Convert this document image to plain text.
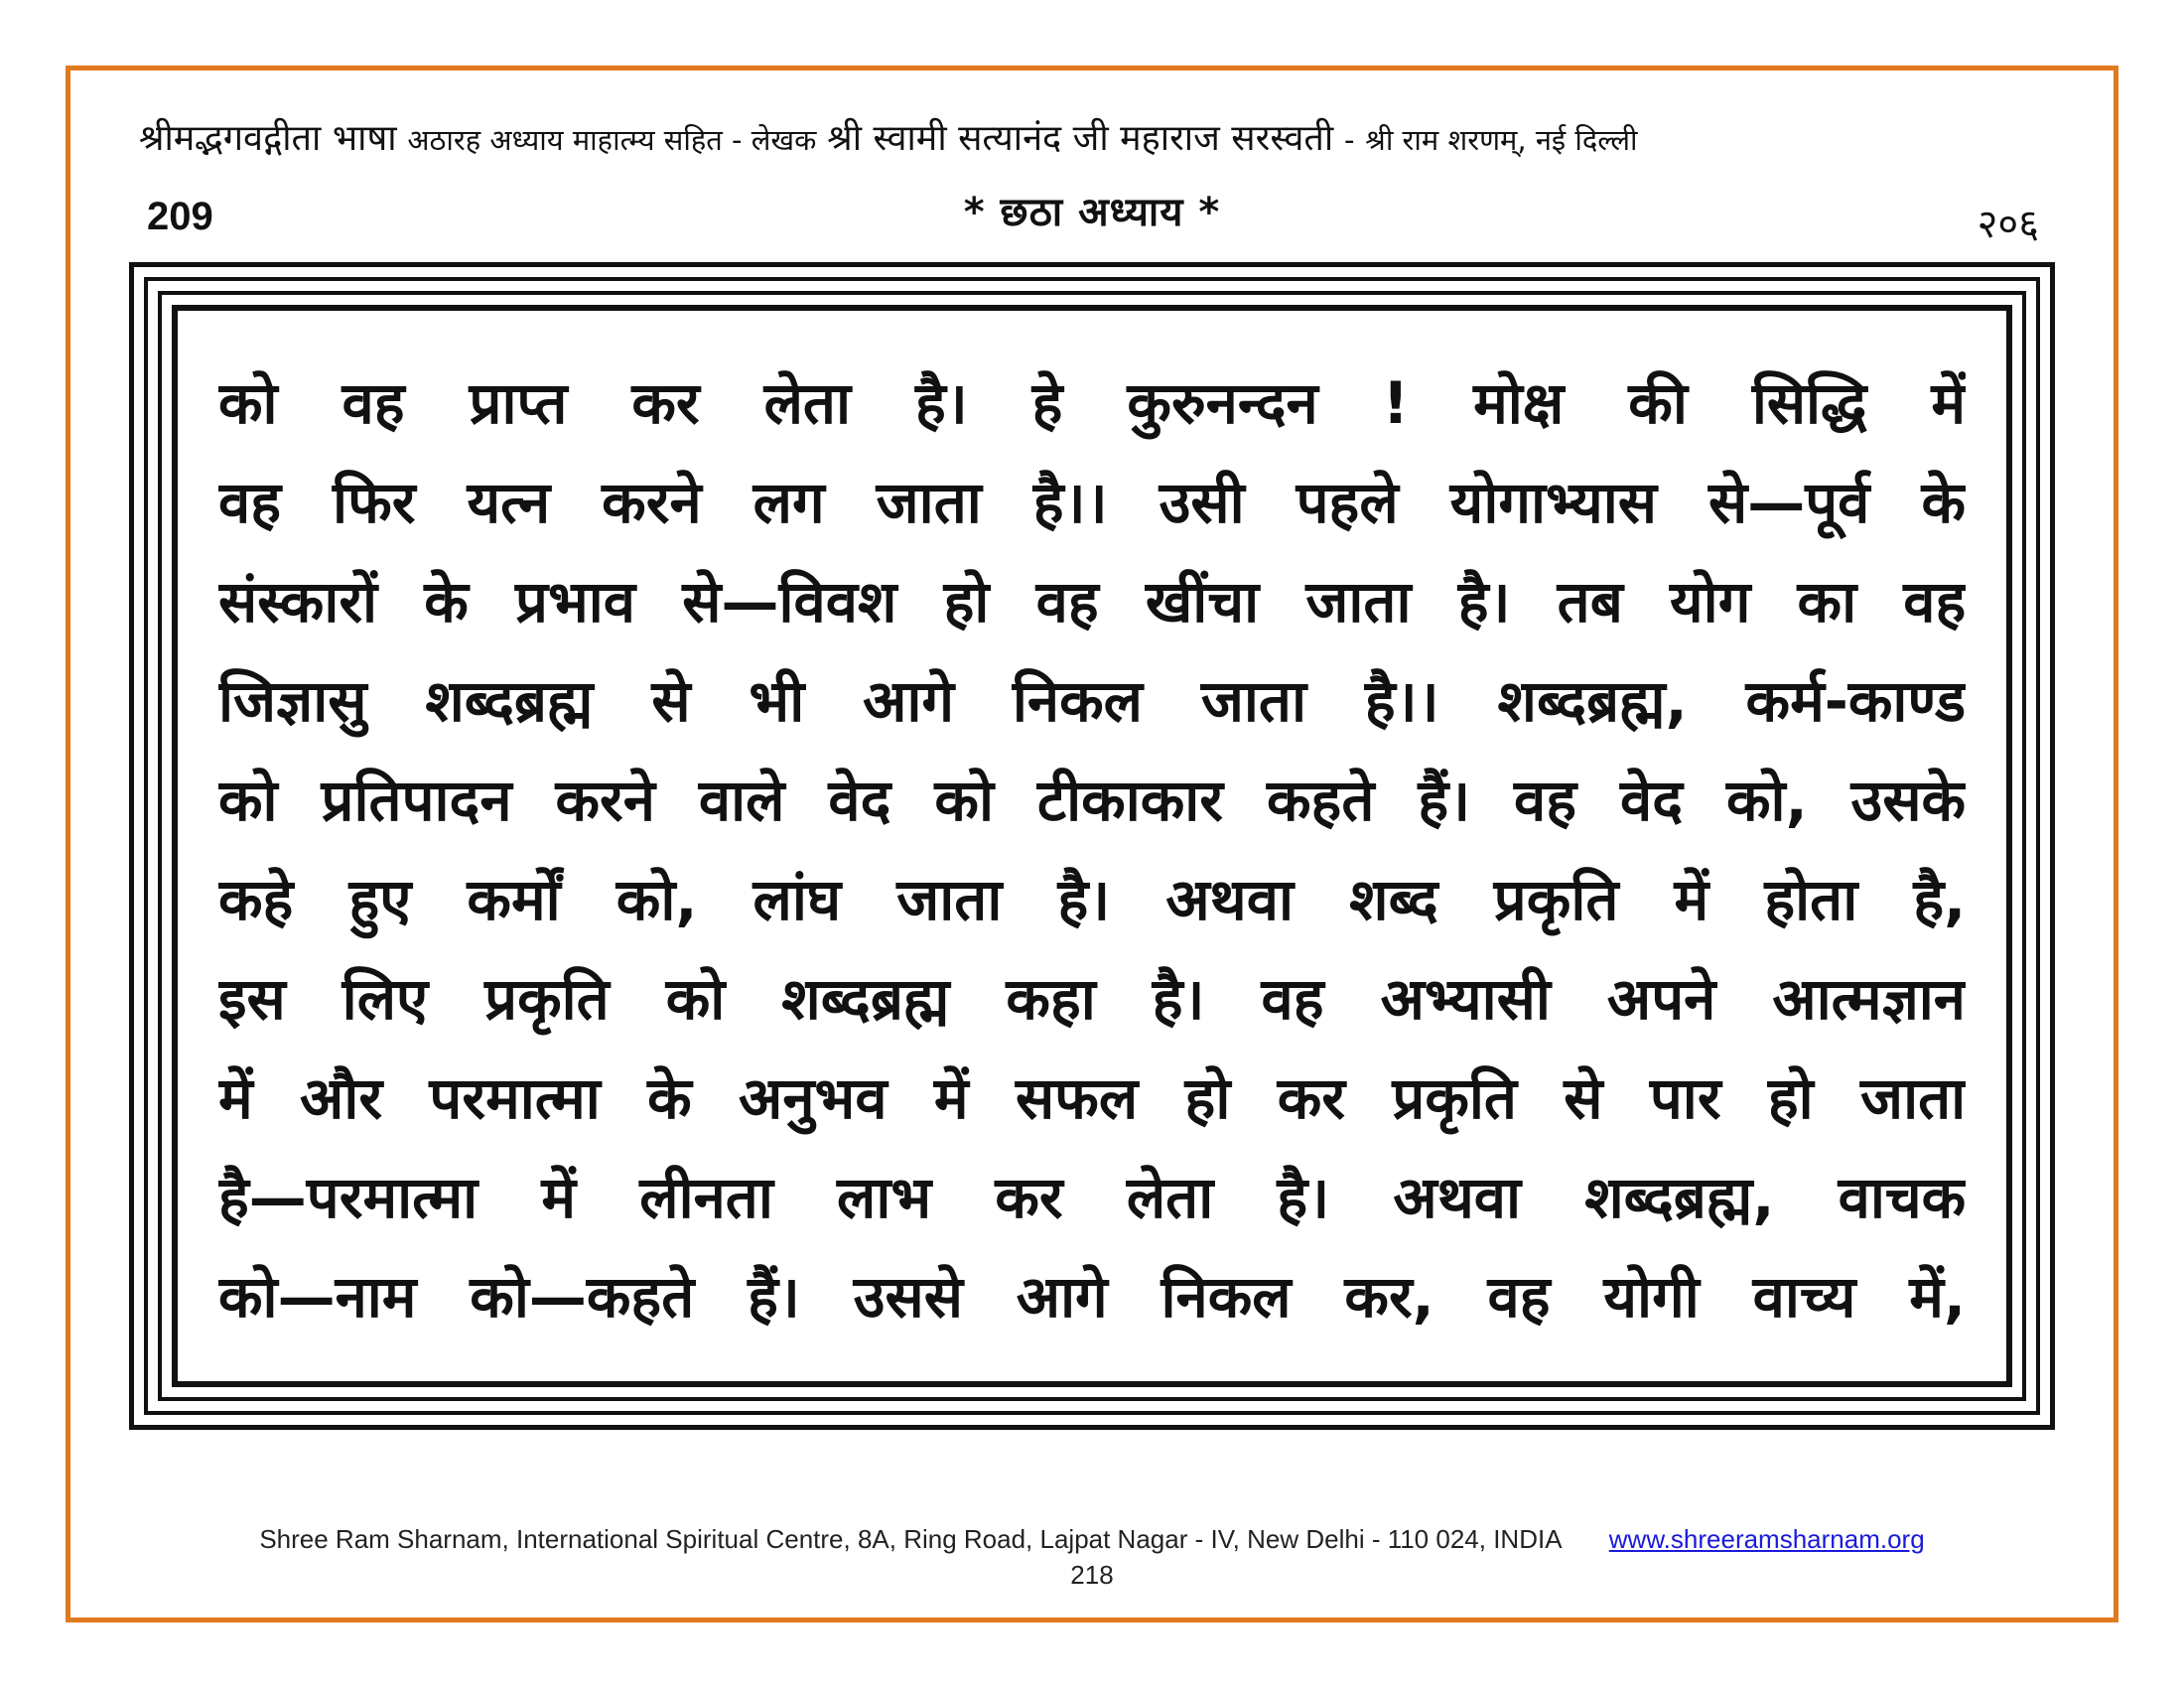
श्रीमद्भगवद्गीता भाषा अठारह अध्याय माहात्म्य सहित - लेखक श्री स्वामी सत्यानंद जी महाराज सरस्वती - श्री राम शरणम्, नई दिल्ली
209	* छठा अध्याय *	२०६
को वह प्राप्त कर लेता है। हे कुरुनन्दन ! मोक्ष की सिद्धि में
वह फिर यत्न करने लग जाता है।। उसी पहले योगाभ्यास से—पूर्व के
संस्कारों के प्रभाव से—विवश हो वह खींचा जाता है। तब योग का वह
जिज्ञासु शब्दब्रह्म से भी आगे निकल जाता है।। शब्दब्रह्म, कर्म-काण्ड
को प्रतिपादन करने वाले वेद को टीकाकार कहते हैं। वह वेद को, उसके
कहे हुए कर्मों को, लांघ जाता है। अथवा शब्द प्रकृति में होता है,
इस लिए प्रकृति को शब्दब्रह्म कहा है। वह अभ्यासी अपने आत्मज्ञान
में और परमात्मा के अनुभव में सफल हो कर प्रकृति से पार हो जाता
है—परमात्मा में लीनता लाभ कर लेता है। अथवा शब्दब्रह्म, वाचक
को—नाम को—कहते हैं। उससे आगे निकल कर, वह योगी वाच्य में,
Shree Ram Sharnam, International Spiritual Centre, 8A, Ring Road, Lajpat Nagar - IV, New Delhi - 110 024, INDIA www.shreeramsharnam.org
218
